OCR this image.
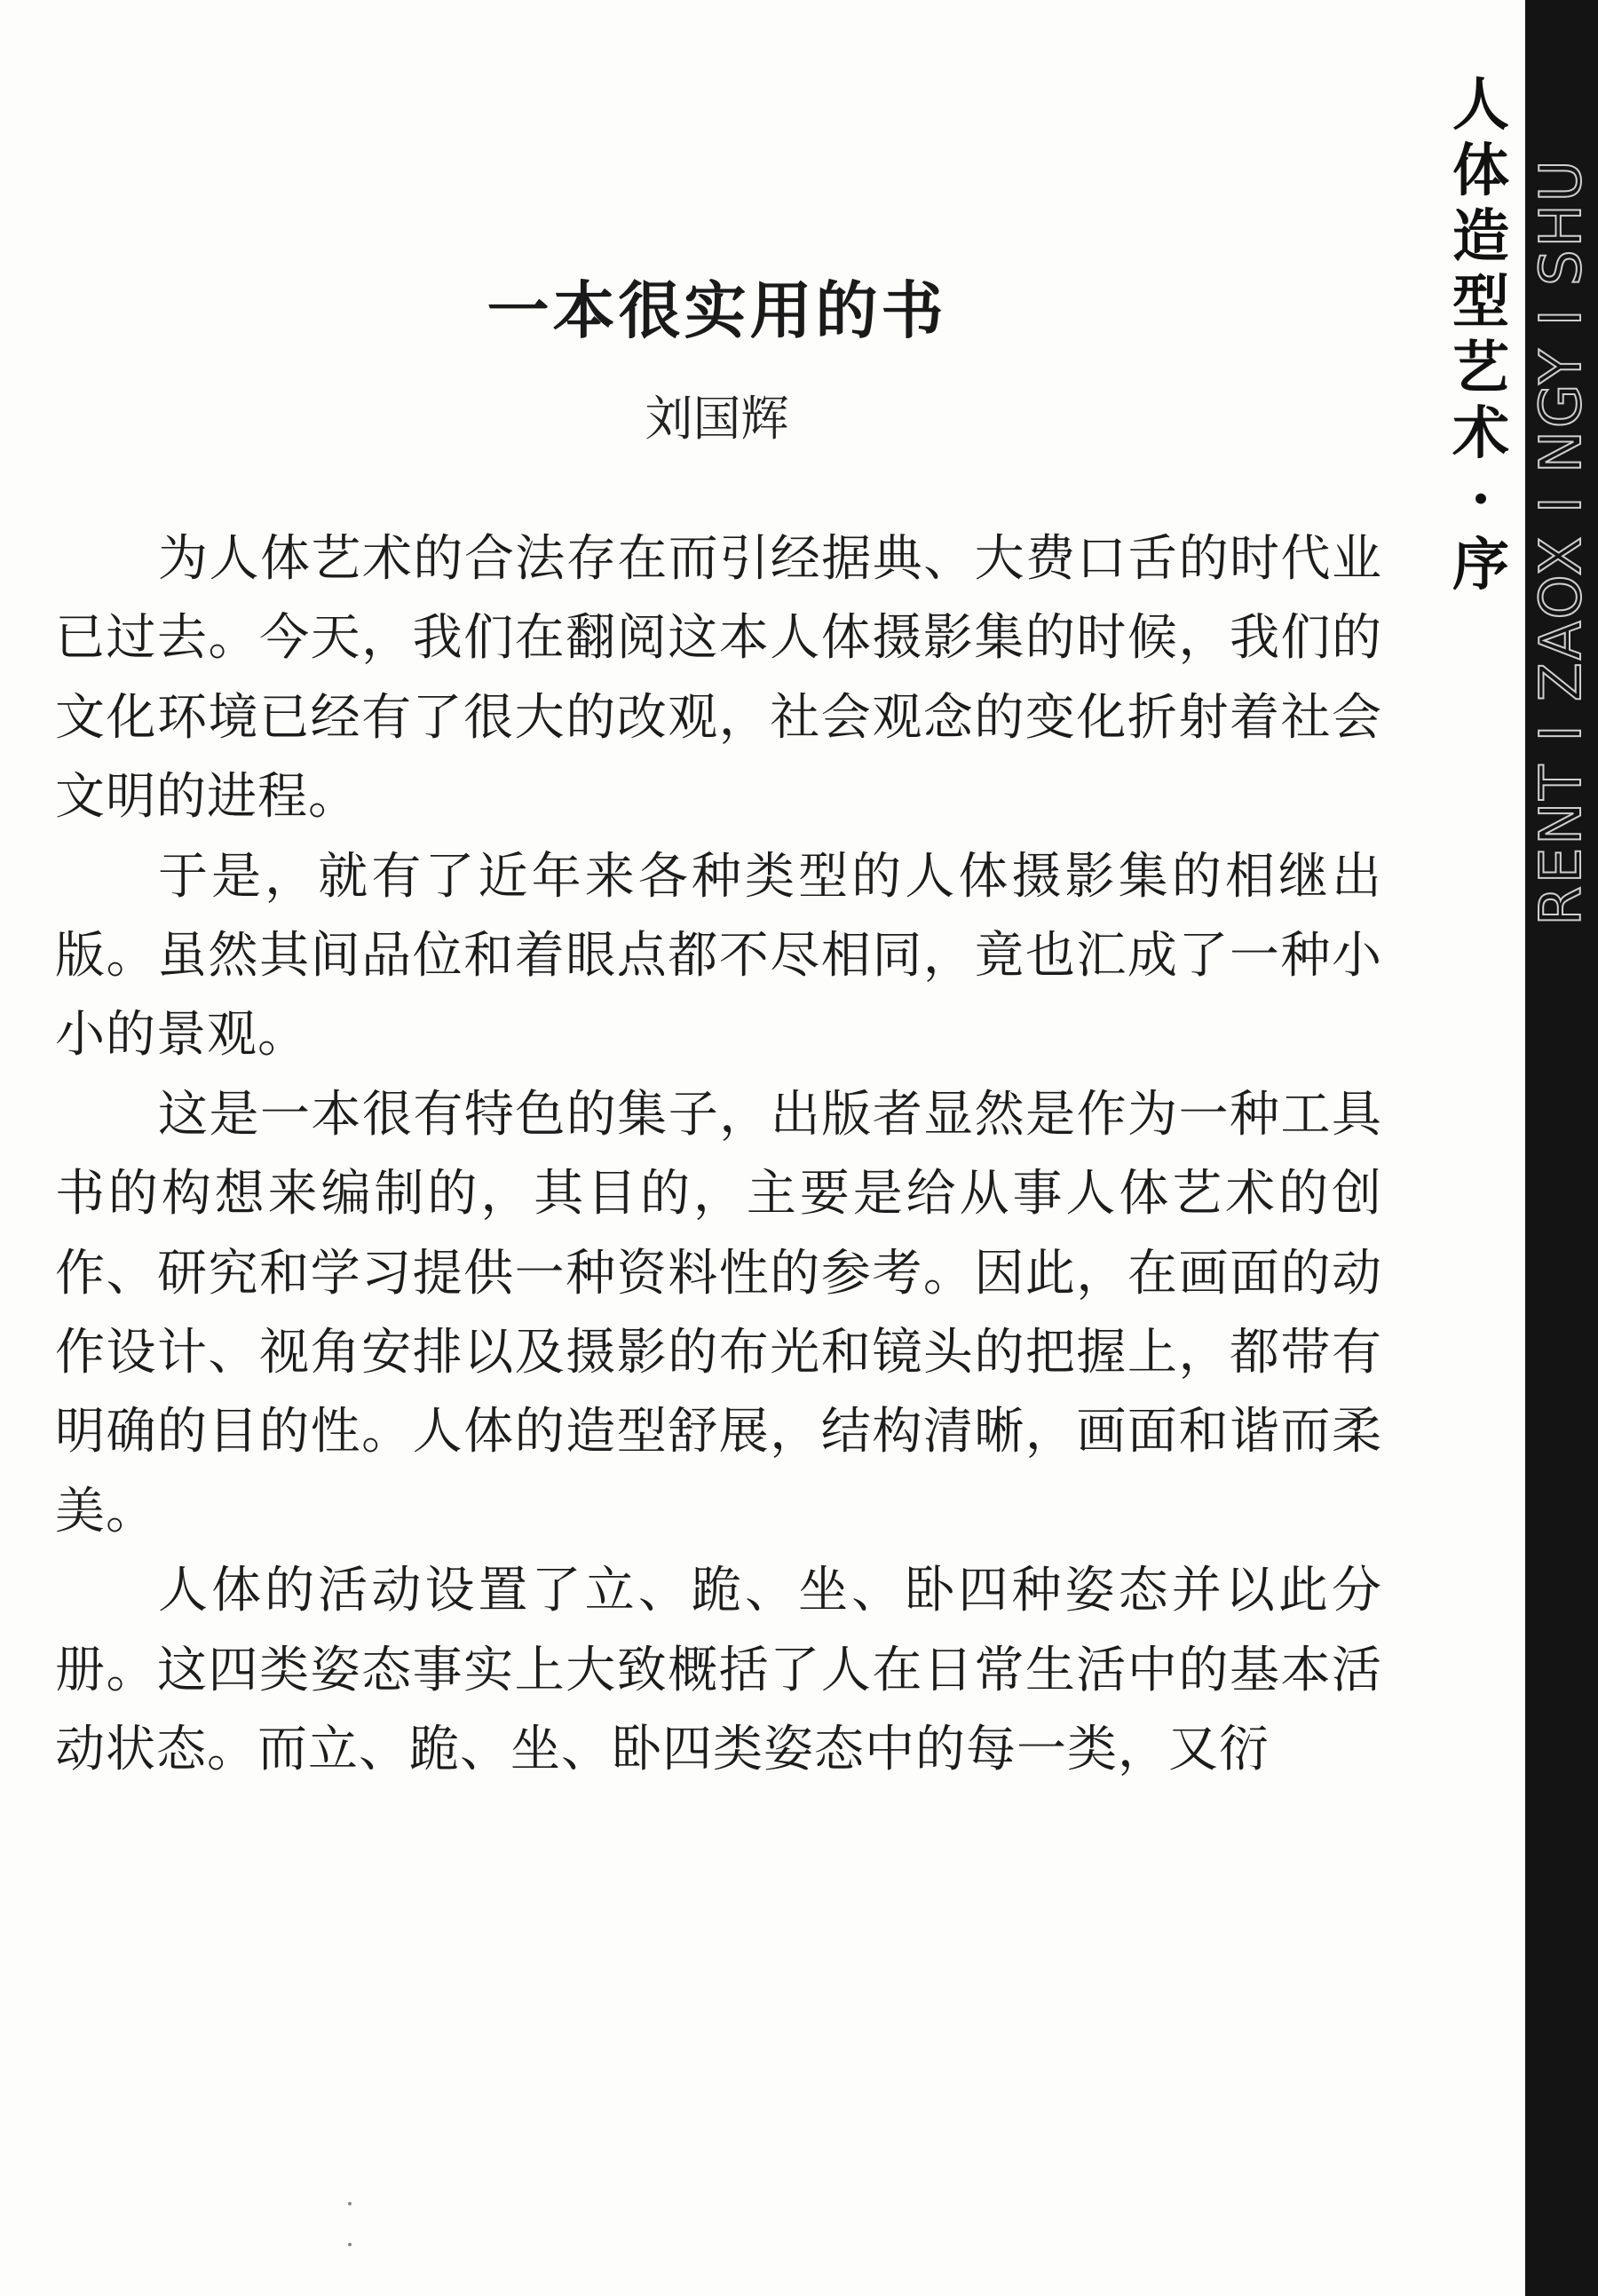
一本很实用的书
刘国辉

为人体艺术的合法存在而引经据典、大费口舌的时代业已过去。今天，我们在翻阅这本人体摄影集的时候，我们的文化环境已经有了很大的改观，社会观念的变化折射着社会文明的进程。

于是，就有了近年来各种类型的人体摄影集的相继出版。虽然其间品位和着眼点都不尽相同，竟也汇成了一种小小的景观。

这是一本很有特色的集子，出版者显然是作为一种工具书的构想来编制的，其目的，主要是给从事人体艺术的创作、研究和学习提供一种资料性的参考。因此，在画面的动作设计、视角安排以及摄影的布光和镜头的把握上，都带有明确的目的性。人体的造型舒展，结构清晰，画面和谐而柔美。

人体的活动设置了立、跪、坐、卧四种姿态并以此分册。这四类姿态事实上大致概括了人在日常生活中的基本活动状态。而立、跪、坐、卧四类姿态中的每一类，又衍

人
体
造
型
艺
术
·
序 RENT I ZAOX I NGY I SHU
